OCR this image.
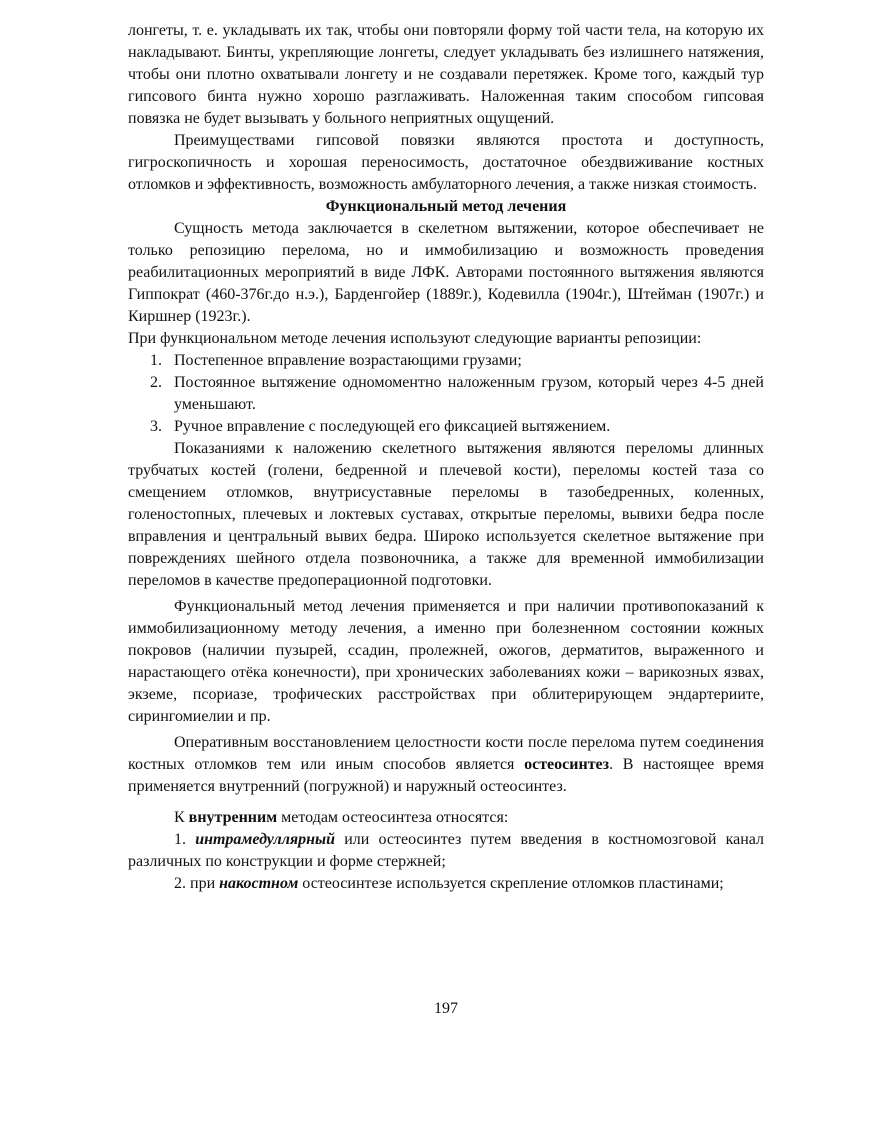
лонгеты, т. е. укладывать их так, чтобы они повторяли форму той части тела, на которую их накладывают. Бинты, укрепляющие лонгеты, следует укладывать без излишнего натяжения, чтобы они плотно охватывали лонгету и не создавали перетяжек. Кроме того, каждый тур гипсового бинта нужно хорошо разглаживать. Наложенная таким способом гипсовая повязка не будет вызывать у больного неприятных ощущений.

Преимуществами гипсовой повязки являются простота и доступность, гигроскопичность и хорошая переносимость, достаточное обездвиживание костных отломков и эффективность, возможность амбулаторного лечения, а также низкая стоимость.

Функциональный метод лечения

Сущность метода заключается в скелетном вытяжении, которое обеспечивает не только репозицию перелома, но и иммобилизацию и возможность проведения реабилитационных мероприятий в виде ЛФК. Авторами постоянного вытяжения являются Гиппократ (460-376г.до н.э.), Барденгойер (1889г.), Кодевилла (1904г.), Штейман (1907г.) и Киршнер (1923г.).

При функциональном методе лечения используют следующие варианты репозиции:

1. Постепенное вправление возрастающими грузами;
2. Постоянное вытяжение одномоментно наложенным грузом, который через 4-5 дней уменьшают.
3. Ручное вправление с последующей его фиксацией вытяжением.

Показаниями к наложению скелетного вытяжения являются переломы длинных трубчатых костей (голени, бедренной и плечевой кости), переломы костей таза со смещением отломков, внутрисуставные переломы в тазобедренных, коленных, голеностопных, плечевых и локтевых суставах, открытые переломы, вывихи бедра после вправления и центральный вывих бедра. Широко используется скелетное вытяжение при повреждениях шейного отдела позвоночника, а также для временной иммобилизации переломов в качестве предоперационной подготовки.

Функциональный метод лечения применяется и при наличии противопоказаний к иммобилизационному методу лечения, а именно при болезненном состоянии кожных покровов (наличии пузырей, ссадин, пролежней, ожогов, дерматитов, выраженного и нарастающего отёка конечности), при хронических заболеваниях кожи – варикозных язвах, экземе, псориазе, трофических расстройствах при облитерирующем эндартериите, сирингомиелии и пр.

Оперативным восстановлением целостности кости после перелома путем соединения костных отломков тем или иным способов является остеосинтез. В настоящее время применяется внутренний (погружной) и наружный остеосинтез.

К внутренним методам остеосинтеза относятся:

1. интрамедуллярный или остеосинтез путем введения в костномозговой канал различных по конструкции и форме стержней;

2. при накостном остеосинтезе используется скрепление отломков пластинами;

197
